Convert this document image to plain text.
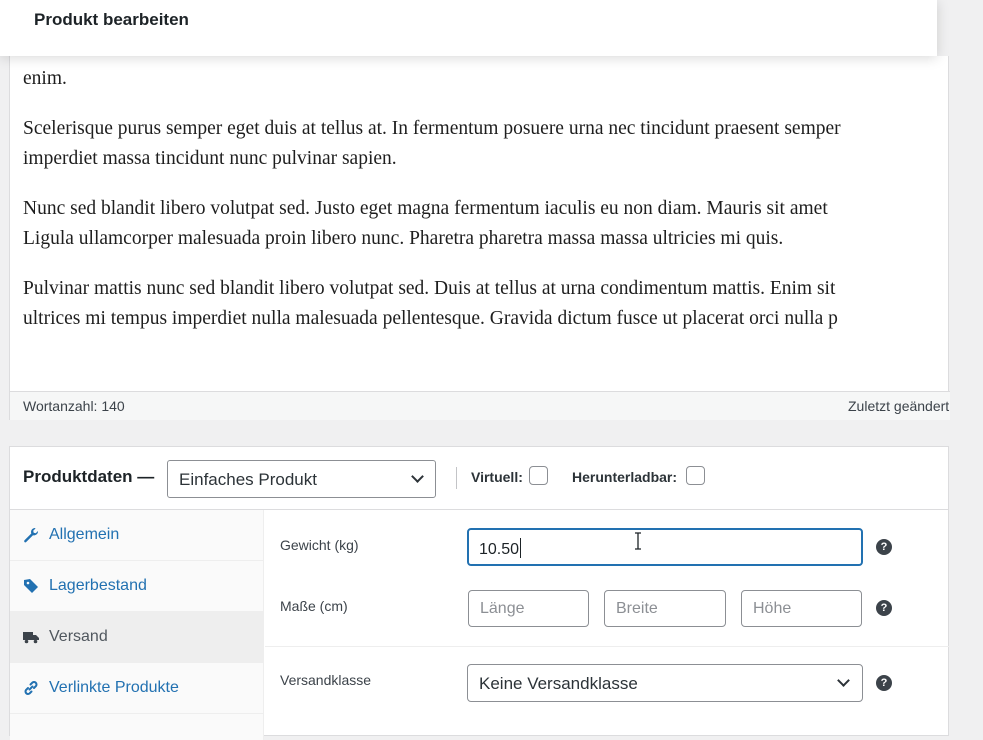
Produkt bearbeiten

enim.

Scelerisque purus semper eget duis at tellus at. In fermentum posuere urna nec tincidunt praesent semper
imperdiet massa tincidunt nunc pulvinar sapien.
Nunc sed blandit libero volutpat sed. Justo eget magna fermentum iaculis eu non diam. Mauris sit amet
Ligula ullamcorper malesuada proin libero nunc. Pharetra pharetra massa massa ultricies mi quis.
Pulvinar mattis nunc sed blandit libero volutpat sed. Duis at tellus at urna condimentum mattis. Enim sit
ultrices mi tempus imperdiet nulla malesuada pellentesque. Gravida dictum fusce ut placerat orci nulla p
Wortanzahl: 140	Zuletzt geändert
Produktdaten —	Einfaches Produkt	Virtuell:	Herunterladbar:
Allgemein
Lagerbestand
Versand
Verlinkte Produkte
Gewicht (kg)	10.50	?
Maße (cm)	Länge	Breite	Höhe	?
Versandklasse	Keine Versandklasse	?
